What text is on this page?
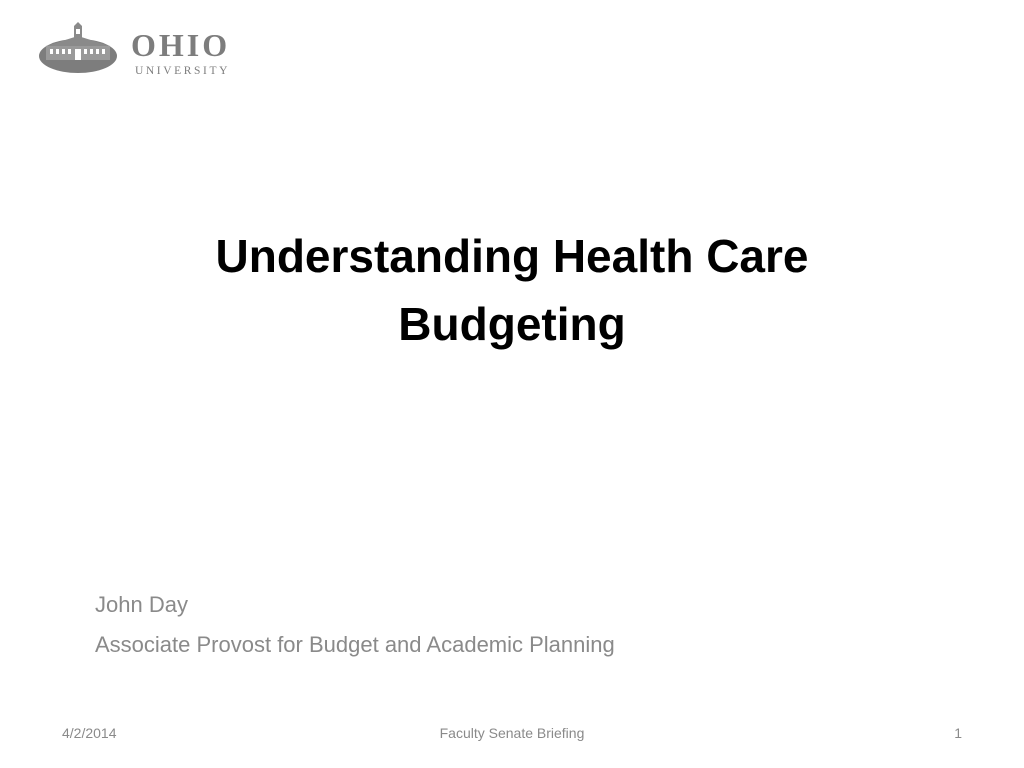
OHIO
UNIVERSITY
Understanding Health Care
Budgeting
John Day
Associate Provost for Budget and Academic Planning
4/2/2014	Faculty Senate Briefing	1
